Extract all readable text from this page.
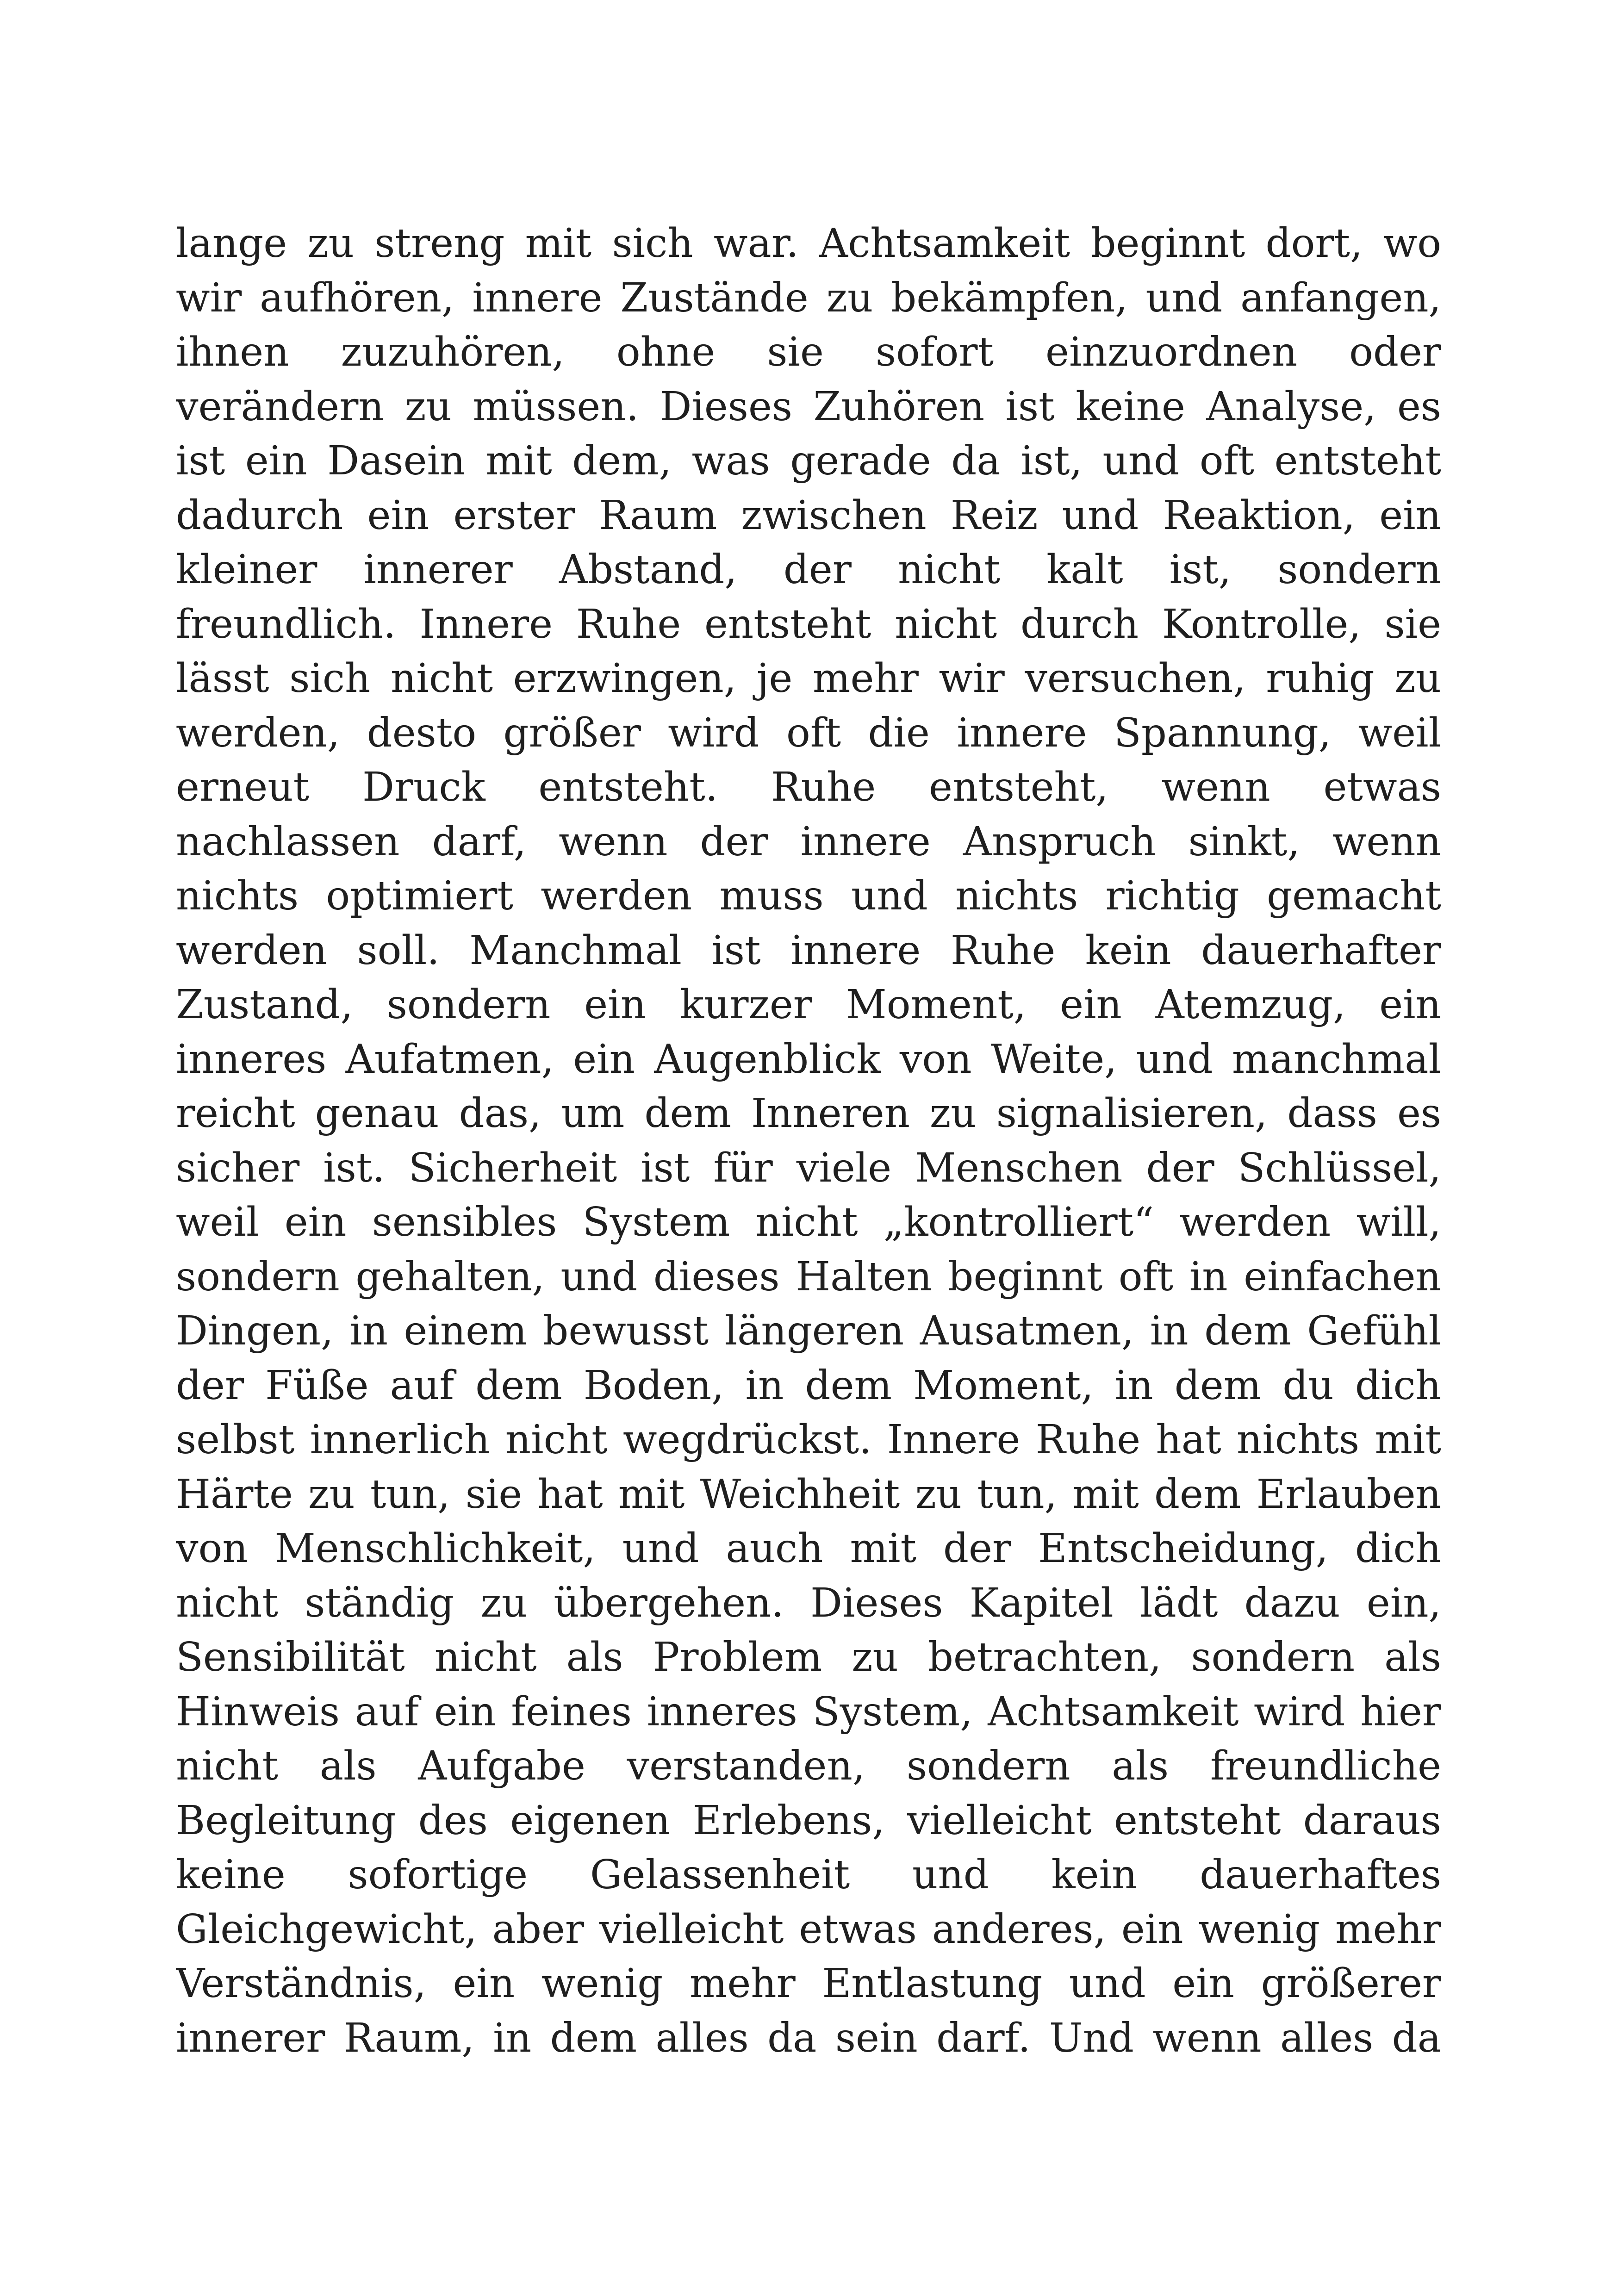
lange zu streng mit sich war. Achtsamkeit beginnt dort, wo
wir aufhören, innere Zustände zu bekämpfen, und anfangen,
ihnen zuzuhören, ohne sie sofort einzuordnen oder
verändern zu müssen. Dieses Zuhören ist keine Analyse, es
ist ein Dasein mit dem, was gerade da ist, und oft entsteht
dadurch ein erster Raum zwischen Reiz und Reaktion, ein
kleiner innerer Abstand, der nicht kalt ist, sondern
freundlich. Innere Ruhe entsteht nicht durch Kontrolle, sie
lässt sich nicht erzwingen, je mehr wir versuchen, ruhig zu
werden, desto größer wird oft die innere Spannung, weil
erneut Druck entsteht. Ruhe entsteht, wenn etwas
nachlassen darf, wenn der innere Anspruch sinkt, wenn
nichts optimiert werden muss und nichts richtig gemacht
werden soll. Manchmal ist innere Ruhe kein dauerhafter
Zustand, sondern ein kurzer Moment, ein Atemzug, ein
inneres Aufatmen, ein Augenblick von Weite, und manchmal
reicht genau das, um dem Inneren zu signalisieren, dass es
sicher ist. Sicherheit ist für viele Menschen der Schlüssel,
weil ein sensibles System nicht „kontrolliert“ werden will,
sondern gehalten, und dieses Halten beginnt oft in einfachen
Dingen, in einem bewusst längeren Ausatmen, in dem Gefühl
der Füße auf dem Boden, in dem Moment, in dem du dich
selbst innerlich nicht wegdrückst. Innere Ruhe hat nichts mit
Härte zu tun, sie hat mit Weichheit zu tun, mit dem Erlauben
von Menschlichkeit, und auch mit der Entscheidung, dich
nicht ständig zu übergehen. Dieses Kapitel lädt dazu ein,
Sensibilität nicht als Problem zu betrachten, sondern als
Hinweis auf ein feines inneres System, Achtsamkeit wird hier
nicht als Aufgabe verstanden, sondern als freundliche
Begleitung des eigenen Erlebens, vielleicht entsteht daraus
keine sofortige Gelassenheit und kein dauerhaftes
Gleichgewicht, aber vielleicht etwas anderes, ein wenig mehr
Verständnis, ein wenig mehr Entlastung und ein größerer
innerer Raum, in dem alles da sein darf. Und wenn alles da
